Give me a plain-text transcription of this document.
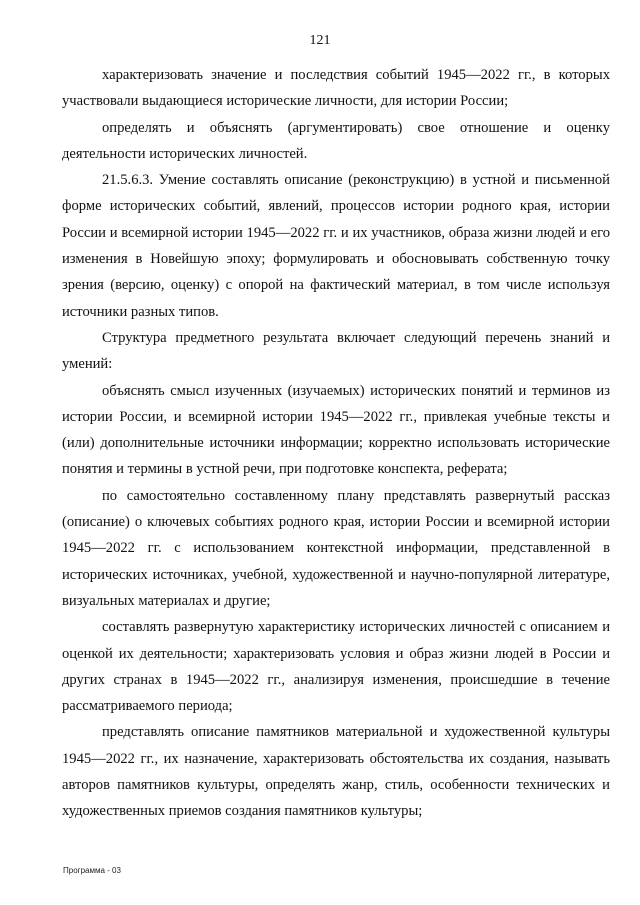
121

характеризовать значение и последствия событий 1945—2022 гг., в которых участвовали выдающиеся исторические личности, для истории России;

определять и объяснять (аргументировать) свое отношение и оценку деятельности исторических личностей.

21.5.6.3. Умение составлять описание (реконструкцию) в устной и письменной форме исторических событий, явлений, процессов истории родного края, истории России и всемирной истории 1945—2022 гг. и их участников, образа жизни людей и его изменения в Новейшую эпоху; формулировать и обосновывать собственную точку зрения (версию, оценку) с опорой на фактический материал, в том числе используя источники разных типов.

Структура предметного результата включает следующий перечень знаний и умений:

объяснять смысл изученных (изучаемых) исторических понятий и терминов из истории России, и всемирной истории 1945—2022 гг., привлекая учебные тексты и (или) дополнительные источники информации; корректно использовать исторические понятия и термины в устной речи, при подготовке конспекта, реферата;

по самостоятельно составленному плану представлять развернутый рассказ (описание) о ключевых событиях родного края, истории России и всемирной истории 1945—2022 гг. с использованием контекстной информации, представленной в исторических источниках, учебной, художественной и научно-популярной литературе, визуальных материалах и другие;

составлять развернутую характеристику исторических личностей с описанием и оценкой их деятельности; характеризовать условия и образ жизни людей в России и других странах в 1945—2022 гг., анализируя изменения, происшедшие в течение рассматриваемого периода;

представлять описание памятников материальной и художественной культуры 1945—2022 гг., их назначение, характеризовать обстоятельства их создания, называть авторов памятников культуры, определять жанр, стиль, особенности технических и художественных приемов создания памятников культуры;

Программа - 03
